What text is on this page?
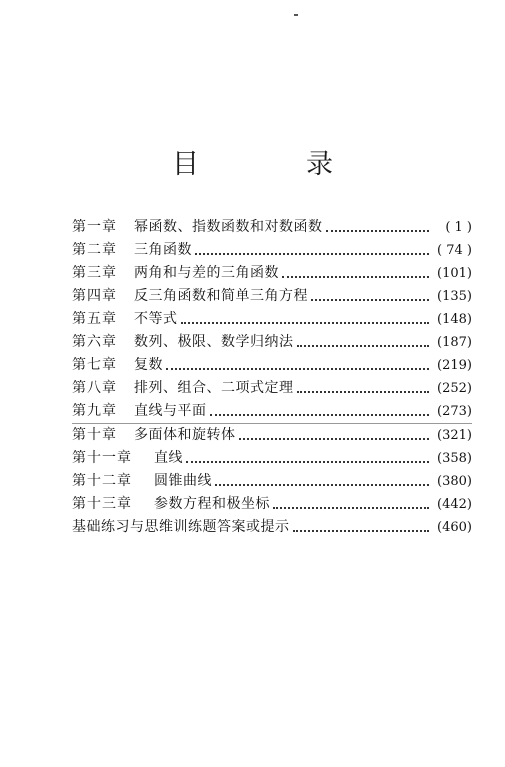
目　录
第一章	幂函数、指数函数和对数函数	( 1 )
第二章	三角函数	( 74 )
第三章	两角和与差的三角函数	(101)
第四章	反三角函数和简单三角方程	(135)
第五章	不等式	(148)
第六章	数列、极限、数学归纳法	(187)
第七章	复数	(219)
第八章	排列、组合、二项式定理	(252)
第九章	直线与平面	(273)
第十章	多面体和旋转体	(321)
第十一章	直线	(358)
第十二章	圆锥曲线	(380)
第十三章	参数方程和极坐标	(442)
基础练习与思维训练题答案或提示	(460)
